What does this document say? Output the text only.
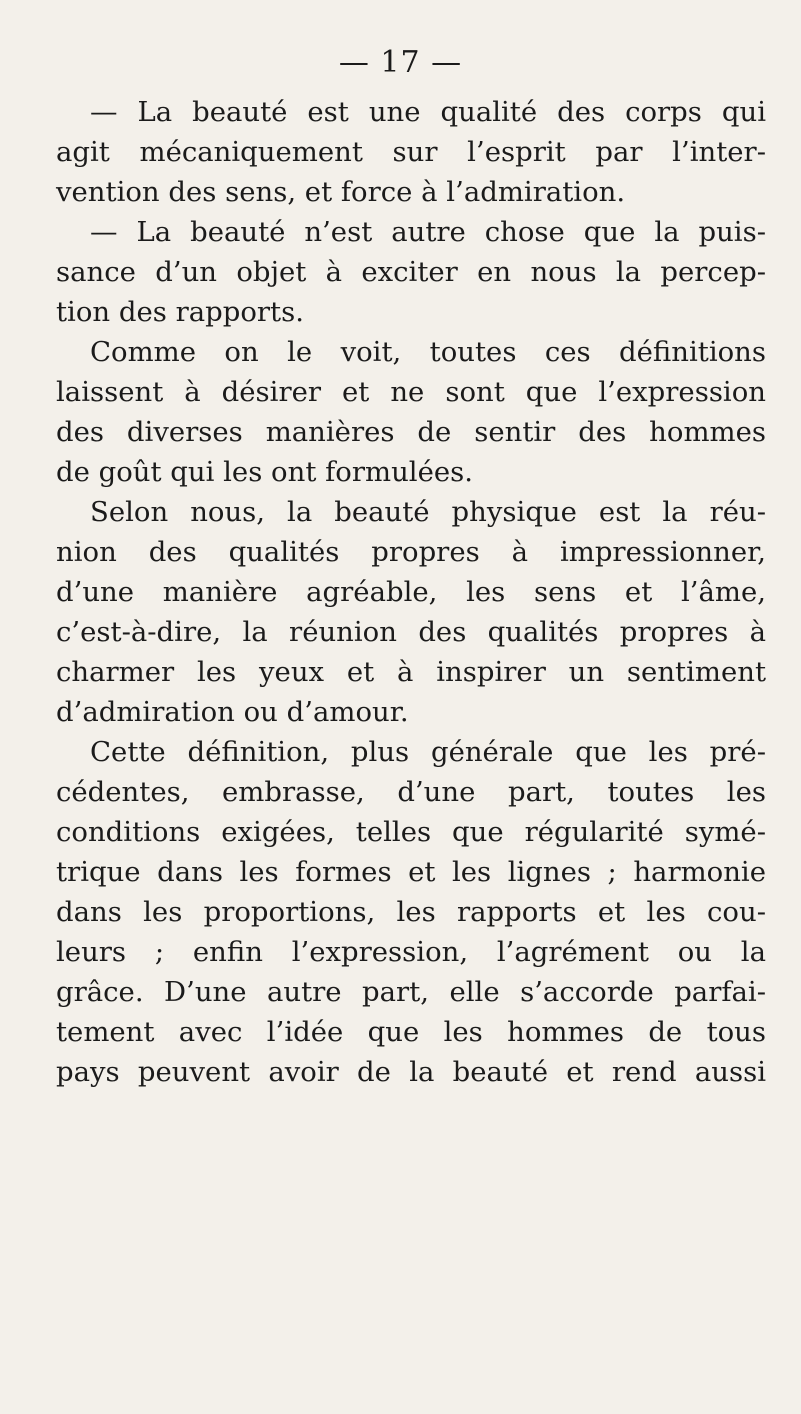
— 17 —
— La beauté est une qualité des corps qui
agit mécaniquement sur l’esprit par l’inter-
vention des sens, et force à l’admiration.
— La beauté n’est autre chose que la puis-
sance d’un objet à exciter en nous la percep-
tion des rapports.
Comme on le voit, toutes ces définitions
laissent à désirer et ne sont que l’expression
des diverses manières de sentir des hommes
de goût qui les ont formulées.
Selon nous, la beauté physique est la réu-
nion des qualités propres à impressionner,
d’une manière agréable, les sens et l’âme,
c’est-à-dire, la réunion des qualités propres à
charmer les yeux et à inspirer un sentiment
d’admiration ou d’amour.
Cette définition, plus générale que les pré-
cédentes, embrasse, d’une part, toutes les
conditions exigées, telles que régularité symé-
trique dans les formes et les lignes ; harmonie
dans les proportions, les rapports et les cou-
leurs ; enfin l’expression, l’agrément ou la
grâce. D’une autre part, elle s’accorde parfai-
tement avec l’idée que les hommes de tous
pays peuvent avoir de la beauté et rend aussi
